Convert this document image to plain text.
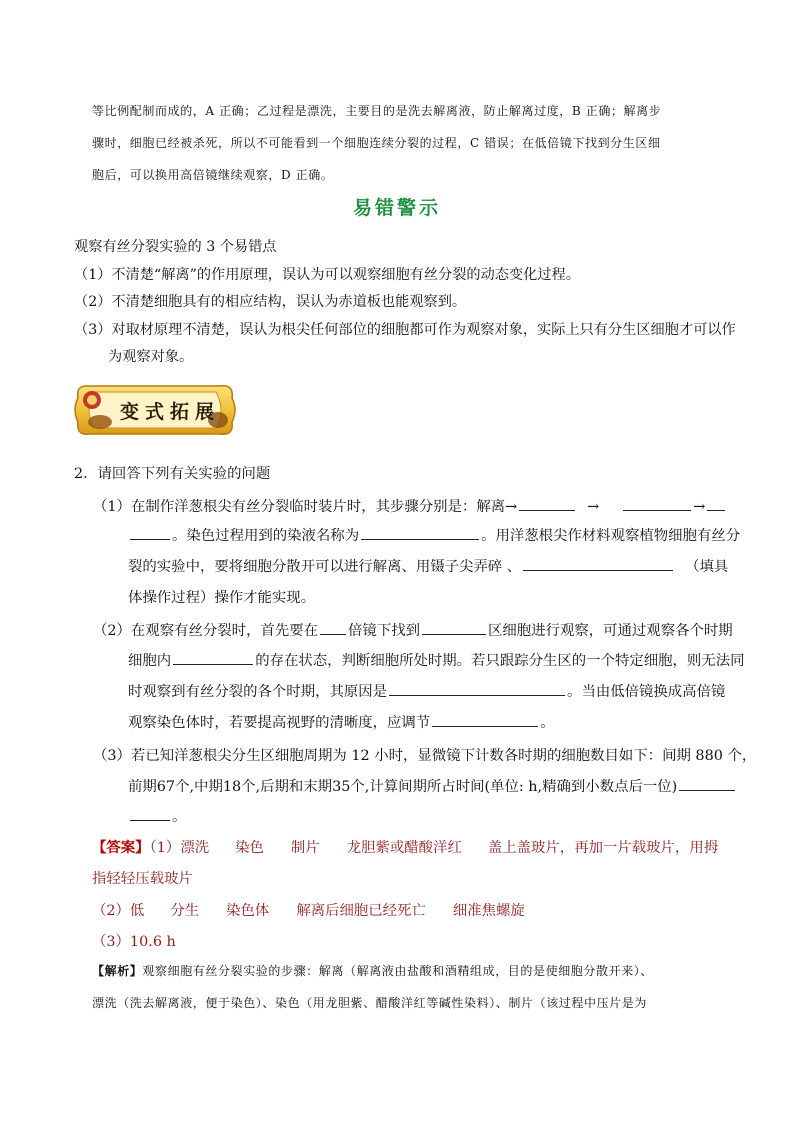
等比例配制而成的，A 正确；乙过程是漂洗，主要目的是洗去解离液，防止解离过度，B 正确；解离步
骤时，细胞已经被杀死，所以不可能看到一个细胞连续分裂的过程，C 错误；在低倍镜下找到分生区细
胞后，可以换用高倍镜继续观察，D 正确。
易错警示
观察有丝分裂实验的 3 个易错点
（1）不清楚“解离”的作用原理，误认为可以观察细胞有丝分裂的动态变化过程。
（2）不清楚细胞具有的相应结构，误认为赤道板也能观察到。
（3）对取材原理不清楚，误认为根尖任何部位的细胞都可作为观察对象，实际上只有分生区细胞才可以作
为观察对象。
变式拓展
2．请回答下列有关实验的问题
（1）在制作洋葱根尖有丝分裂临时装片时，其步骤分别是：解离→	→	→
。染色过程用到的染液名称为	。用洋葱根尖作材料观察植物细胞有丝分
裂的实验中，要将细胞分散开可以进行解离、用镊子尖弄碎 、	（填具
体操作过程）操作才能实现。
（2）在观察有丝分裂时，首先要在 倍镜下找到	区细胞进行观察，可通过观察各个时期
细胞内	的存在状态，判断细胞所处时期。若只跟踪分生区的一个特定细胞，则无法同
时观察到有丝分裂的各个时期，其原因是	。当由低倍镜换成高倍镜
观察染色体时，若要提高视野的清晰度，应调节	。
（3）若已知洋葱根尖分生区细胞周期为 12 小时，显微镜下计数各时期的细胞数目如下：间期 880 个，
前期67个,中期18个,后期和末期35个,计算间期所占时间(单位: h,精确到小数点后一位)
。
【答案】（1）漂洗 染色 制片 龙胆紫或醋酸洋红 盖上盖玻片，再加一片载玻片，用拇
指轻轻压载玻片
（2）低 分生 染色体 解离后细胞已经死亡 细准焦螺旋
（3）10.6 h
【解析】观察细胞有丝分裂实验的步骤：解离（解离液由盐酸和酒精组成，目的是使细胞分散开来）、
漂洗（洗去解离液，便于染色）、染色（用龙胆紫、醋酸洋红等碱性染料）、制片（该过程中压片是为
